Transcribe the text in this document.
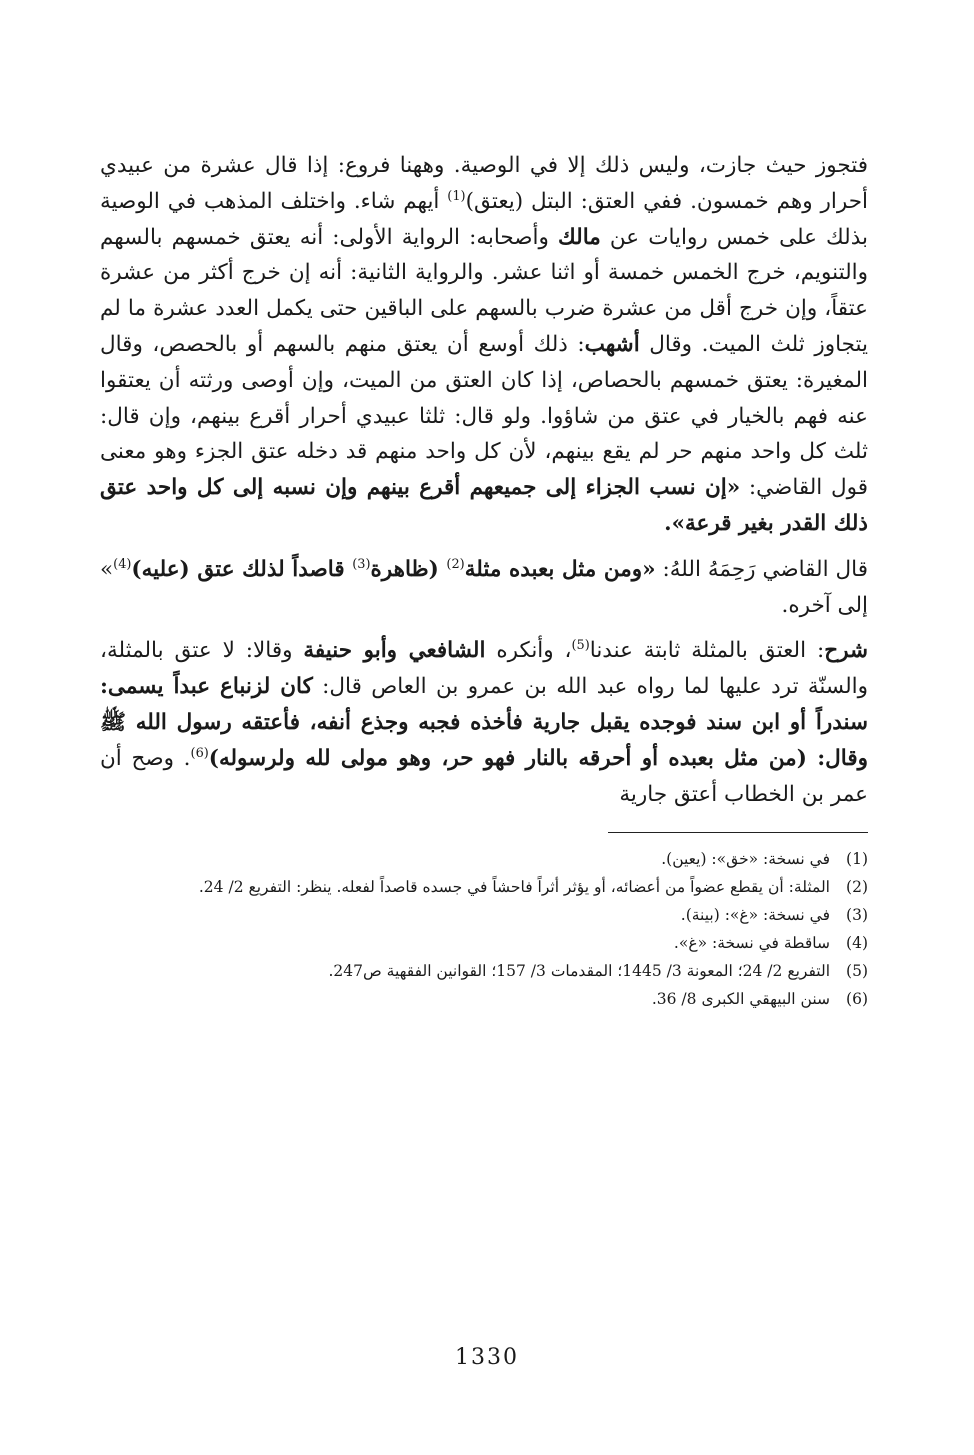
فتجوز حيث جازت، وليس ذلك إلا في الوصية. وههنا فروع: إذا قال عشرة من عبيدي أحرار وهم خمسون. ففي العتق: البتل (يعتق)$^{(1)}$ أيهم شاء. واختلف المذهب في الوصية بذلك على خمس روايات عن مالك وأصحابه: الرواية الأولى: أنه يعتق خمسهم بالسهم والتنويم، خرج الخمس خمسة أو اثنا عشر. والرواية الثانية: أنه إن خرج أكثر من عشرة عتقاً، وإن خرج أقل من عشرة ضرب بالسهم على الباقين حتى يكمل العدد عشرة ما لم يتجاوز ثلث الميت. وقال أشهب: ذلك أوسع أن يعتق منهم بالسهم أو بالحصص، وقال المغيرة: يعتق خمسهم بالحصاص، إذا كان العتق من الميت، وإن أوصى ورثته أن يعتقوا عنه فهم بالخيار في عتق من شاؤوا. ولو قال: ثلثا عبيدي أحرار أقرع بينهم، وإن قال: ثلث كل واحد منهم حر لم يقع بينهم، لأن كل واحد منهم قد دخله عتق الجزء وهو معنى قول القاضي: «إن نسب الجزاء إلى جميعهم أقرع بينهم وإن نسبه إلى كل واحد عتق ذلك القدر بغير قرعة».

قال القاضي رَحِمَهُ اللهُ: «ومن مثل بعبده مثلة$^{(2)}$ (ظاهرة$^{(3)}$ قاصداً لذلك عتق (عليه)$^{(4)}$» إلى آخره.

شرح: العتق بالمثلة ثابتة عندنا$^{(5)}$، وأنكره الشافعي وأبو حنيفة وقالا: لا عتق بالمثلة، والسنّة ترد عليها لما رواه عبد الله بن عمرو بن العاص قال: كان لزنباع عبداً يسمى: سندراً أو ابن سند فوجده يقبل جارية فأخذه فجبه وجذع أنفه، فأعتقه رسول الله ﷺ وقال: (من مثل بعبده أو أحرقه بالنار فهو حر، وهو مولى لله ولرسوله)$^{(6)}$. وصح أن عمر بن الخطاب أعتق جارية

(1)
في نسخة: «خق»: (يعين).
(2)
المثلة: أن يقطع عضواً من أعضائه، أو يؤثر أثراً فاحشاً في جسده قاصداً لفعله. ينظر: التفريع 2/ 24.
(3)
في نسخة: «غ»: (بينة).
(4)
ساقطة في نسخة: «غ».
(5)
التفريع 2/ 24؛ المعونة 3/ 1445؛ المقدمات 3/ 157؛ القوانين الفقهية ص247.
(6)
سنن البيهقي الكبرى 8/ 36.
1330
